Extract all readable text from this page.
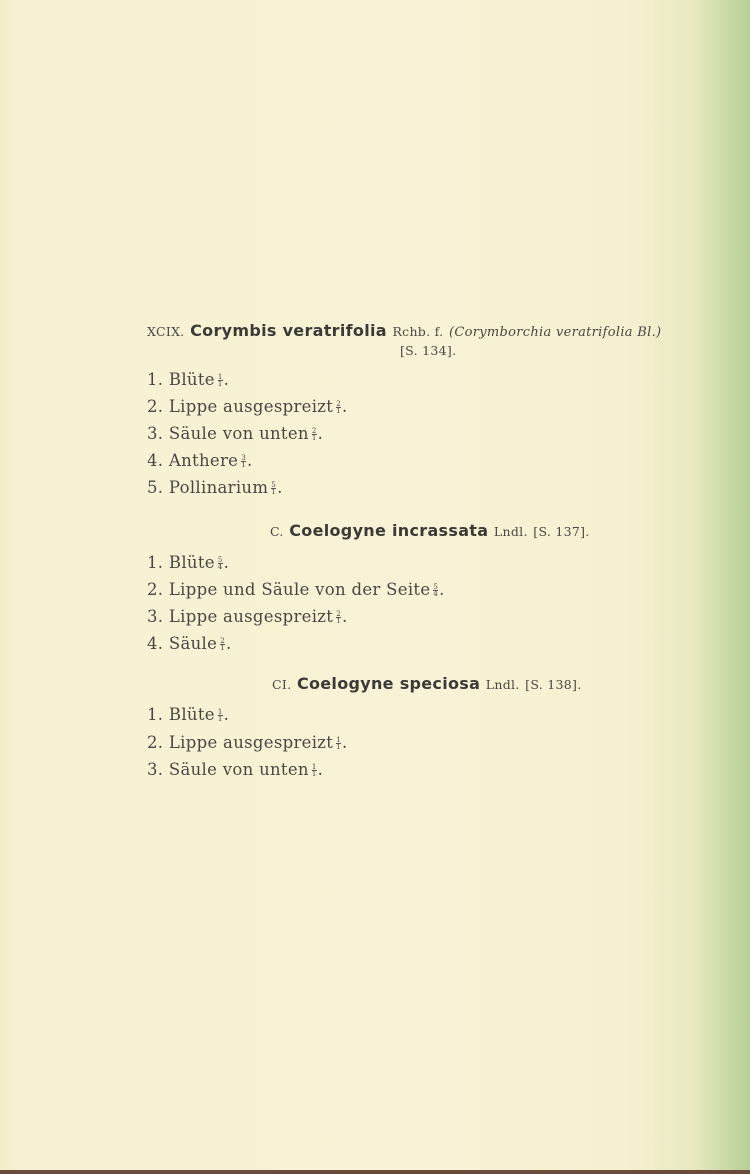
XCIX. Corymbis veratrifolia Rchb. f. (Corymborchia veratrifolia Bl.)
[S. 134].
C. Coelogyne incrassata Lndl. [S. 137].
CI. Coelogyne speciosa Lndl. [S. 138].
1. Blüte $\frac{1}{1}$ .
2. Lippe ausgespreizt $\frac{2}{1}$ .
3. Säule von unten $\frac{2}{1}$ .
4. Anthere $\frac{3}{1}$ .
5. Pollinarium $\frac{5}{1}$ .
1. Blüte $\frac{5}{4}$ .
2. Lippe und Säule von der Seite $\frac{5}{4}$ .
3. Lippe ausgespreizt $\frac{2}{1}$ .
4. Säule $\frac{2}{1}$ .
1. Blüte $\frac{1}{1}$ .
2. Lippe ausgespreizt $\frac{1}{1}$ .
3. Säule von unten $\frac{1}{1}$ .
